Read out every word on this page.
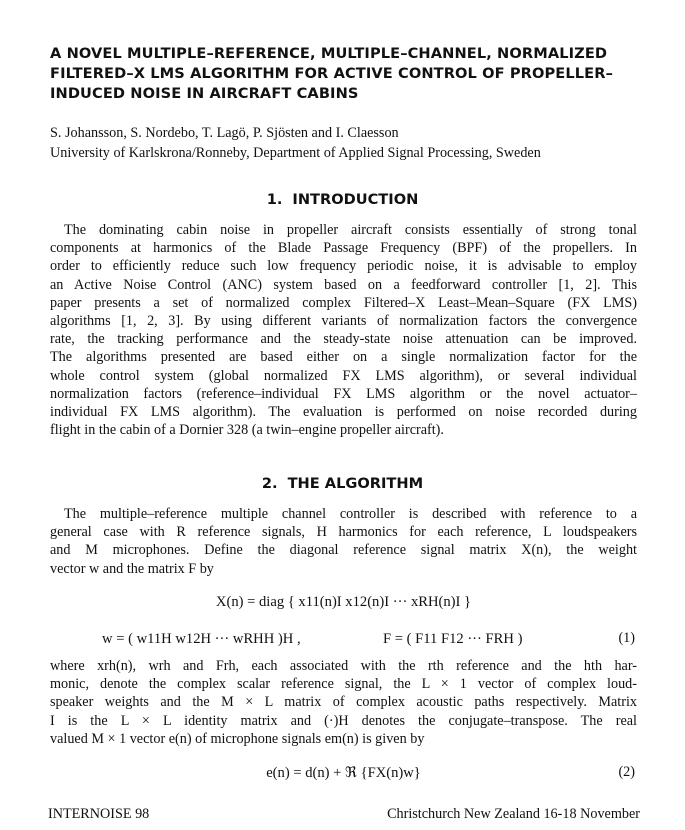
A NOVEL MULTIPLE–REFERENCE, MULTIPLE–CHANNEL, NORMALIZED
FILTERED–X LMS ALGORITHM FOR ACTIVE CONTROL OF PROPELLER–
INDUCED NOISE IN AIRCRAFT CABINS
S. Johansson, S. Nordebo, T. Lagö, P. Sjösten and I. Claesson
University of Karlskrona/Ronneby, Department of Applied Signal Processing, Sweden
1. INTRODUCTION
The dominating cabin noise in propeller aircraft consists essentially of strong tonal
components at harmonics of the Blade Passage Frequency (BPF) of the propellers. In
order to efficiently reduce such low frequency periodic noise, it is advisable to employ
an Active Noise Control (ANC) system based on a feedforward controller [1, 2]. This
paper presents a set of normalized complex Filtered–X Least–Mean–Square (FX LMS)
algorithms [1, 2, 3]. By using different variants of normalization factors the convergence
rate, the tracking performance and the steady-state noise attenuation can be improved.
The algorithms presented are based either on a single normalization factor for the
whole control system (global normalized FX LMS algorithm), or several individual
normalization factors (reference–individual FX LMS algorithm or the novel actuator–
individual FX LMS algorithm). The evaluation is performed on noise recorded during
flight in the cabin of a Dornier 328 (a twin–engine propeller aircraft).
2. THE ALGORITHM
The multiple–reference multiple channel controller is described with reference to a
general case with R reference signals, H harmonics for each reference, L loudspeakers
and M microphones. Define the diagonal reference signal matrix X(n), the weight
vector w and the matrix F by
X(n) = diag { x11(n)I x12(n)I ··· xRH(n)I }
w = ( w11H w12H ··· wRHH )H ,	F = ( F11 F12 ··· FRH )	(1)
where xrh(n), wrh and Frh, each associated with the rth reference and the hth har-
monic, denote the complex scalar reference signal, the L × 1 vector of complex loud-
speaker weights and the M × L matrix of complex acoustic paths respectively. Matrix
I is the L × L identity matrix and (·)H denotes the conjugate–transpose. The real
valued M × 1 vector e(n) of microphone signals em(n) is given by
e(n) = d(n) + ℜ {FX(n)w}	(2)
INTERNOISE 98	Christchurch New Zealand 16-18 November
